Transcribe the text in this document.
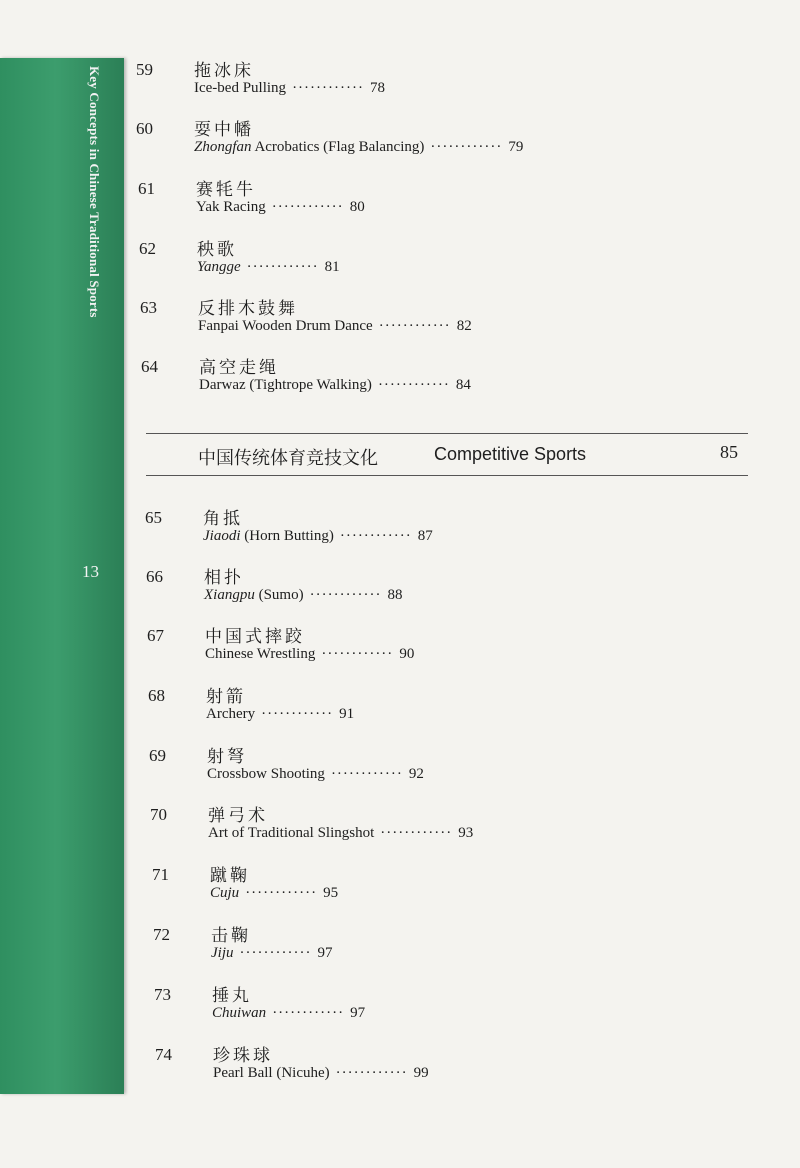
Key Concepts in Chinese Traditional Sports
13
59	拖冰床
Ice-bed Pulling ············ 78
60	耍中幡
Zhongfan Acrobatics (Flag Balancing) ············ 79
61	赛牦牛
Yak Racing ············ 80
62	秧歌
Yangge ············ 81
63	反排木鼓舞
Fanpai Wooden Drum Dance ············ 82
64	高空走绳
Darwaz (Tightrope Walking) ············ 84
中国传统体育竞技文化	Competitive Sports	85
65	角抵
Jiaodi (Horn Butting) ············ 87
66	相扑
Xiangpu (Sumo) ············ 88
67	中国式摔跤
Chinese Wrestling ············ 90
68	射箭
Archery ············ 91
69	射弩
Crossbow Shooting ············ 92
70	弹弓术
Art of Traditional Slingshot ············ 93
71	蹴鞠
Cuju ············ 95
72	击鞠
Jiju ············ 97
73	捶丸
Chuiwan ············ 97
74	珍珠球
Pearl Ball (Nicuhe) ············ 99
